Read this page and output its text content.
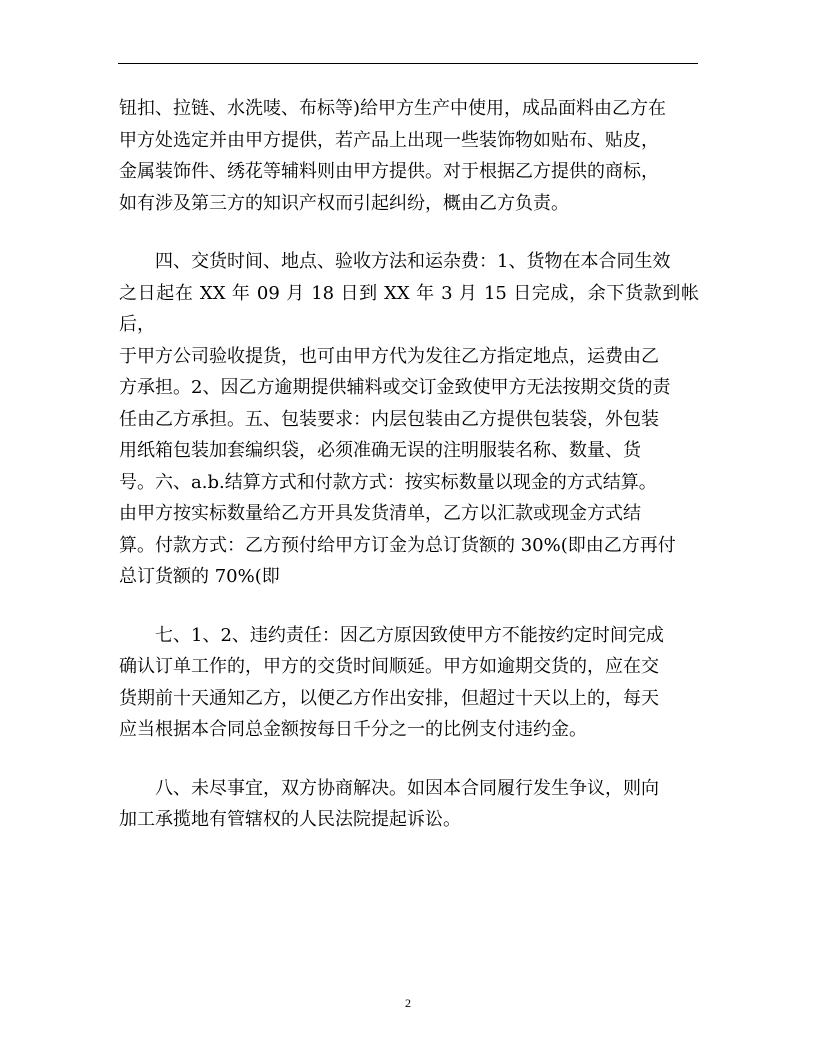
钮扣、拉链、水洗唛、布标等)给甲方生产中使用，成品面料由乙方在
甲方处选定并由甲方提供，若产品上出现一些装饰物如贴布、贴皮，
金属装饰件、绣花等辅料则由甲方提供。对于根据乙方提供的商标，
如有涉及第三方的知识产权而引起纠纷，概由乙方负责。

四、交货时间、地点、验收方法和运杂费：1、货物在本合同生效
之日起在 XX 年 09 月 18 日到 XX 年 3 月 15 日完成，余下货款到帐后，
于甲方公司验收提货，也可由甲方代为发往乙方指定地点，运费由乙
方承担。2、因乙方逾期提供辅料或交订金致使甲方无法按期交货的责
任由乙方承担。五、包装要求：内层包装由乙方提供包装袋，外包装
用纸箱包装加套编织袋，必须准确无误的注明服装名称、数量、货
号。六、a.b.结算方式和付款方式：按实标数量以现金的方式结算。
由甲方按实标数量给乙方开具发货清单，乙方以汇款或现金方式结
算。付款方式：乙方预付给甲方订金为总订货额的 30%(即由乙方再付
总订货额的 70%(即

七、1、2、违约责任：因乙方原因致使甲方不能按约定时间完成
确认订单工作的，甲方的交货时间顺延。甲方如逾期交货的，应在交
货期前十天通知乙方，以便乙方作出安排，但超过十天以上的，每天
应当根据本合同总金额按每日千分之一的比例支付违约金。

八、未尽事宜，双方协商解决。如因本合同履行发生争议，则向
加工承揽地有管辖权的人民法院提起诉讼。

2
